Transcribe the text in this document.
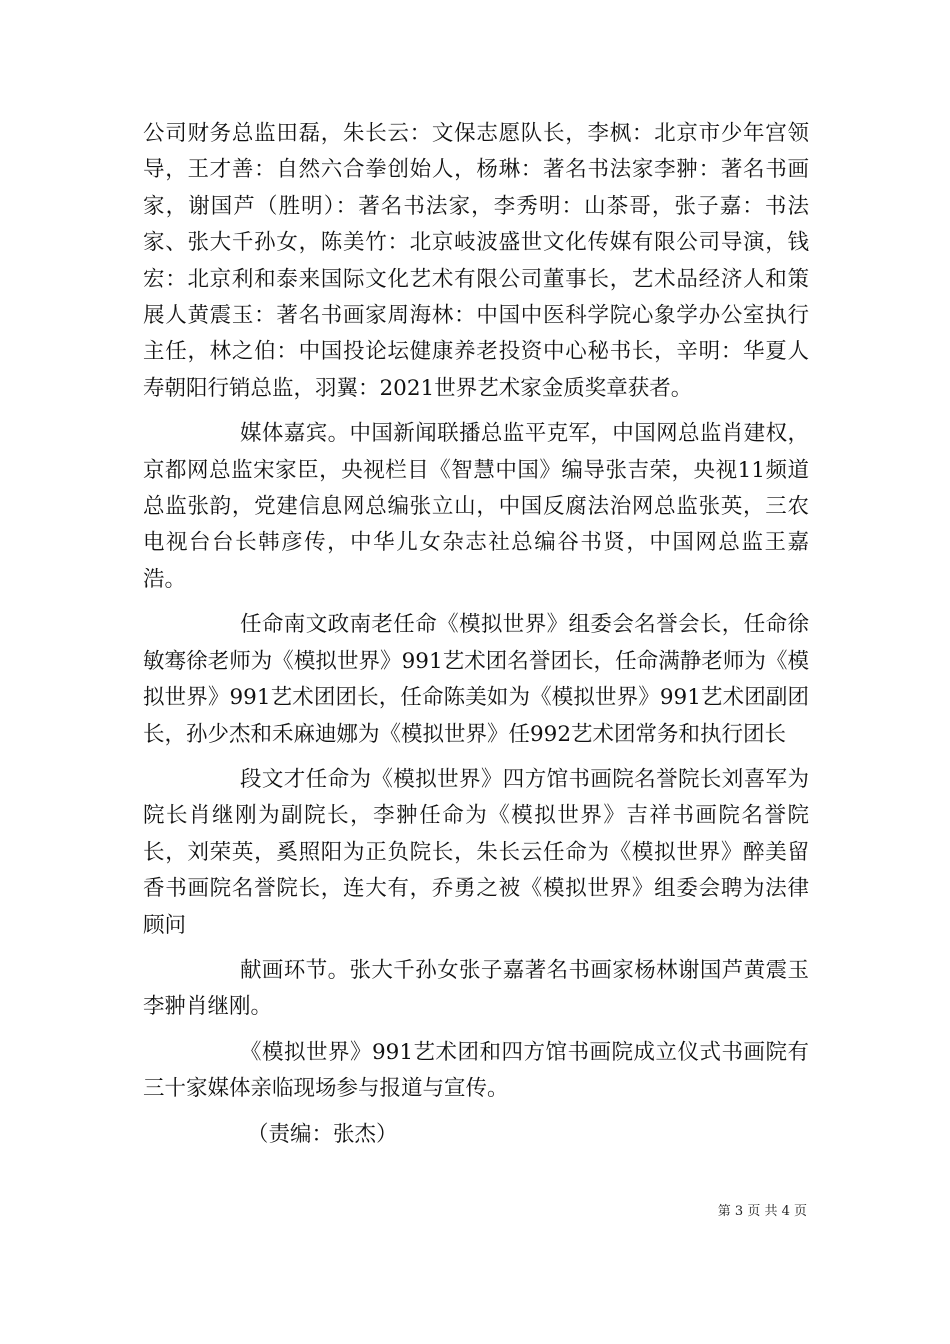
公司财务总监田磊，朱长云：文保志愿队长，李枫：北京市少年宫领导，王才善：自然六合拳创始人，杨琳：著名书法家李翀：著名书画家，谢国芦（胜明）：著名书法家，李秀明：山茶哥，张子嘉：书法家、张大千孙女，陈美竹：北京岐波盛世文化传媒有限公司导演，钱宏：北京利和泰来国际文化艺术有限公司董事长，艺术品经济人和策展人黄震玉：著名书画家周海林：中国中医科学院心象学办公室执行主任，林之伯：中国投论坛健康养老投资中心秘书长，辛明：华夏人寿朝阳行销总监，羽翼：2021世界艺术家金质奖章获者。

媒体嘉宾。中国新闻联播总监平克军，中国网总监肖建权，京都网总监宋家臣，央视栏目《智慧中国》编导张吉荣，央视11频道总监张韵，党建信息网总编张立山，中国反腐法治网总监张英，三农电视台台长韩彦传，中华儿女杂志社总编谷书贤，中国网总监王嘉浩。

任命南文政南老任命《模拟世界》组委会名誉会长，任命徐敏骞徐老师为《模拟世界》991艺术团名誉团长，任命满静老师为《模拟世界》991艺术团团长，任命陈美如为《模拟世界》991艺术团副团长，孙少杰和禾麻迪娜为《模拟世界》任992艺术团常务和执行团长

段文才任命为《模拟世界》四方馆书画院名誉院长刘喜军为院长肖继刚为副院长，李翀任命为《模拟世界》吉祥书画院名誉院长，刘荣英，奚照阳为正负院长，朱长云任命为《模拟世界》醉美留香书画院名誉院长，连大有，乔勇之被《模拟世界》组委会聘为法律顾问

献画环节。张大千孙女张子嘉著名书画家杨林谢国芦黄震玉李翀肖继刚。

《模拟世界》991艺术团和四方馆书画院成立仪式书画院有三十家媒体亲临现场参与报道与宣传。

（责编：张杰）

第 3 页 共 4 页
